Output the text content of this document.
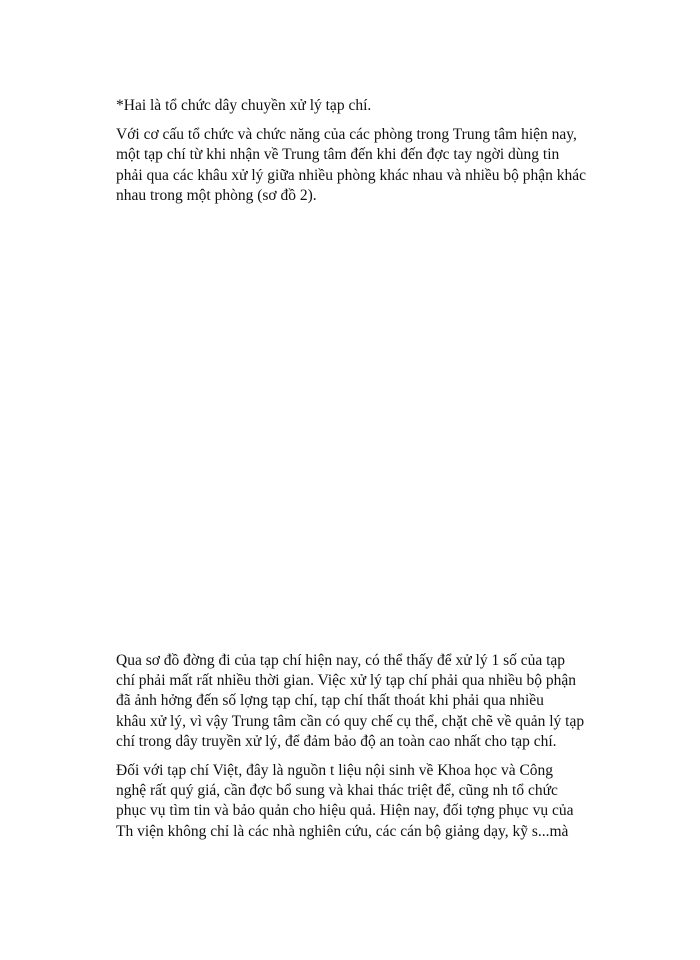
*Hai là tổ chức dây chuyền xử lý tạp chí.

Với cơ cấu tổ chức và chức năng của các phòng trong Trung tâm hiện nay,
một tạp chí từ khi nhận về Trung tâm đến khi đến đợc tay ngời dùng tin
phải qua các khâu xử lý giữa nhiều phòng khác nhau và nhiều bộ phận khác
nhau trong một phòng (sơ đồ 2).

Qua sơ đồ đờng đi của tạp chí hiện nay, có thể thấy để xử lý 1 số của tạp
chí phải mất rất nhiều thời gian. Việc xử lý tạp chí phải qua nhiều bộ phận
đã ảnh hởng đến số lợng tạp chí, tạp chí thất thoát khi phải qua nhiều
khâu xử lý, vì vậy Trung tâm cần có quy chế cụ thể, chặt chẽ về quản lý tạp
chí trong dây truyền xử lý, để đảm bảo độ an toàn cao nhất cho tạp chí.

Đối với tạp chí Việt, đây là nguồn t liệu nội sinh về Khoa học và Công
nghệ rất quý giá, cần đợc bổ sung và khai thác triệt để, cũng nh tổ chức
phục vụ tìm tin và bảo quản cho hiệu quả. Hiện nay, đối tợng phục vụ của
Th viện không chỉ là các nhà nghiên cứu, các cán bộ giảng dạy, kỹ s...mà
